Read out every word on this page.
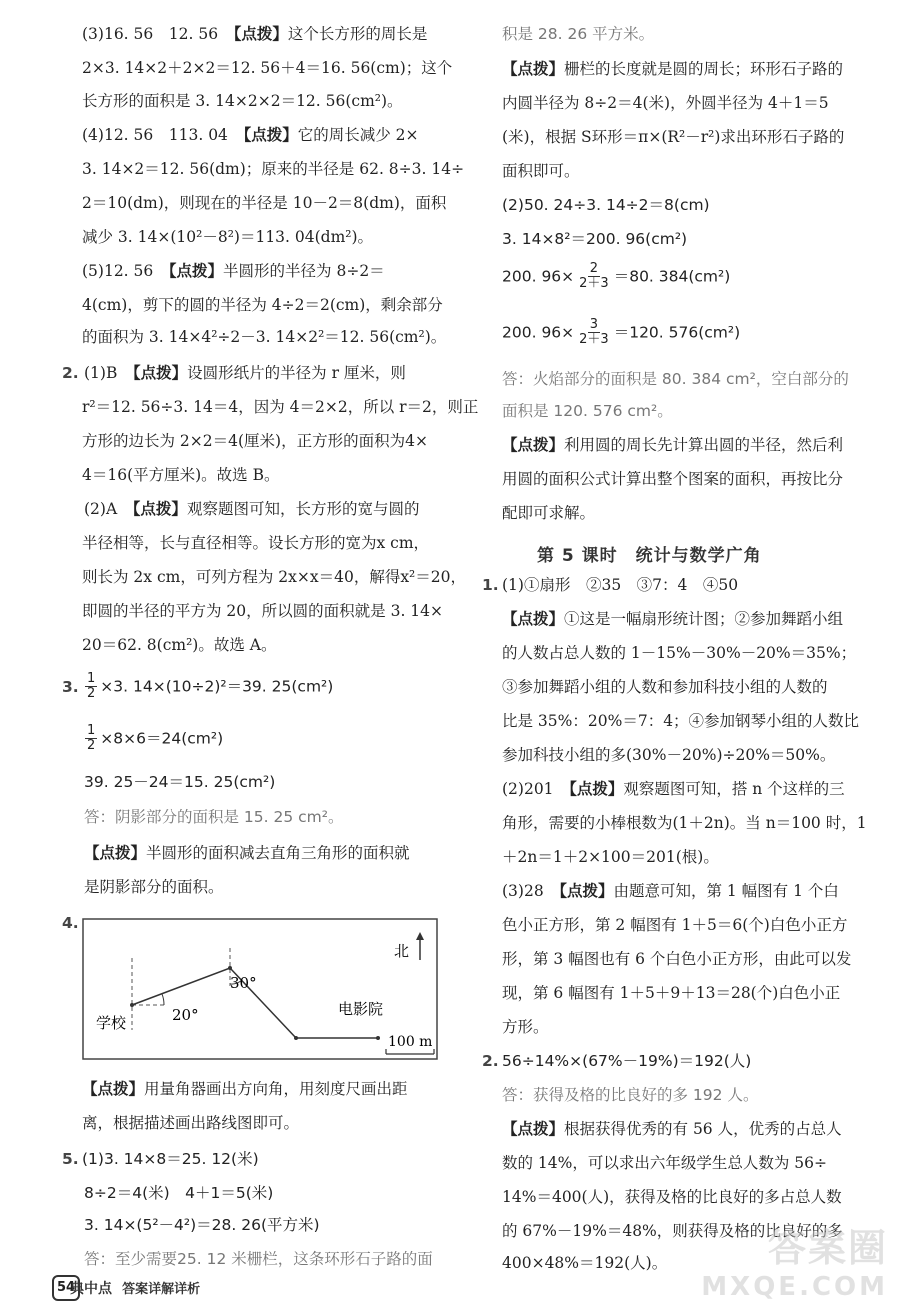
(3)16. 56　12. 56　 【点拨】这个长方形的周长是
2×3. 14×2＋2×2＝12. 56＋4＝16. 56(cm)；这个
长方形的面积是 3. 14×2×2＝12. 56(cm²)。
(4)12. 56　113. 04　 【点拨】它的周长减少 2×
3. 14×2＝12. 56(dm)；原来的半径是 62. 8÷3. 14÷
2＝10(dm)，则现在的半径是 10－2＝8(dm)，面积
减少 3. 14×(10²－8²)＝113. 04(dm²)。
(5)12. 56　 【点拨】半圆形的半径为 8÷2＝
4(cm)，剪下的圆的半径为 4÷2＝2(cm)，剩余部分
的面积为 3. 14×4²÷2－3. 14×2²＝12. 56(cm²)。
2. (1)B　 【点拨】设圆形纸片的半径为 r 厘米，则
r²＝12. 56÷3. 14＝4，因为 4＝2×2，所以 r＝2，则正
方形的边长为 2×2＝4(厘米)，正方形的面积为4×
4＝16(平方厘米)。故选 B。
(2)A　 【点拨】观察题图可知，长方形的宽与圆的
半径相等，长与直径相等。设长方形的宽为x cm，
则长为 2x cm，可列方程为 2x×x＝40，解得x²＝20，
即圆的半径的平方为 20，所以圆的面积就是 3. 14×
20＝62. 8(cm²)。故选 A。
3. $\frac{1}{2} \times 3$. 14×(10÷2)²＝39. 25(cm²)
$\frac{1}{2} \times 8\times 6=24(cm^2)$
39. 25－24＝15. 25(cm²)
答：阴影部分的面积是 15. 25 cm²。
【点拨】半圆形的面积减去直角三角形的面积就
是阴影部分的面积。
4.
北
20°
30°
学校
电影院
100 m
【点拨】用量角器画出方向角，用刻度尺画出距
离，根据描述画出路线图即可。
5. (1)3. 14×8＝25. 12(米)
8÷2＝4(米)　4＋1＝5(米)
3. 14×(5²－4²)＝28. 26(平方米)
答：至少需要25. 12 米栅栏，这条环形石子路的面
积是 28. 26 平方米。
【点拨】栅栏的长度就是圆的周长；环形石子路的
内圆半径为 8÷2＝4(米)，外圆半径为 4＋1＝5
(米)，根据 S环形＝π×(R²－r²)求出环形石子路的
面积即可。
(2)50. 24÷3. 14÷2＝8(cm)
3. 14×8²＝200. 96(cm²)
200. $96\times \frac{2}{2+3} =80$. 384(cm²)
200. $96\times \frac{3}{2+3} =120$. 576(cm²)
答：火焰部分的面积是 80. 384 cm²，空白部分的
面积是 120. 576 cm²。
【点拨】利用圆的周长先计算出圆的半径，然后利
用圆的面积公式计算出整个图案的面积，再按比分
配即可求解。
1. (1)①扇形　②35　③7：4　④50
【点拨】①这是一幅扇形统计图；②参加舞蹈小组
的人数占总人数的 1－15%－30%－20%＝35%；
③参加舞蹈小组的人数和参加科技小组的人数的
比是 35%：20%＝7：4；④参加钢琴小组的人数比
参加科技小组的多(30%－20%)÷20%＝50%。
(2)201　 【点拨】观察题图可知，搭 n 个这样的三
角形，需要的小棒根数为(1＋2n)。当 n＝100 时，1
＋2n＝1＋2×100＝201(根)。
(3)28　 【点拨】由题意可知，第 1 幅图有 1 个白
色小正方形，第 2 幅图有 1＋5＝6(个)白色小正方
形，第 3 幅图也有 6 个白色小正方形，由此可以发
现，第 6 幅图有 1＋5＋9＋13＝28(个)白色小正
方形。
2. 56÷14%×(67%－19%)＝192(人)
答：获得及格的比良好的多 192 人。
【点拨】根据获得优秀的有 56 人，优秀的占总人
数的 14%，可以求出六年级学生总人数为 56÷
14%＝400(人)，获得及格的比良好的多占总人数
的 67%－19%＝48%，则获得及格的比良好的多
400×48%＝192(人)。
第 5 课时　统计与数学广角
54
典中点 答案详解详析
答案圈
MXQE.COM
